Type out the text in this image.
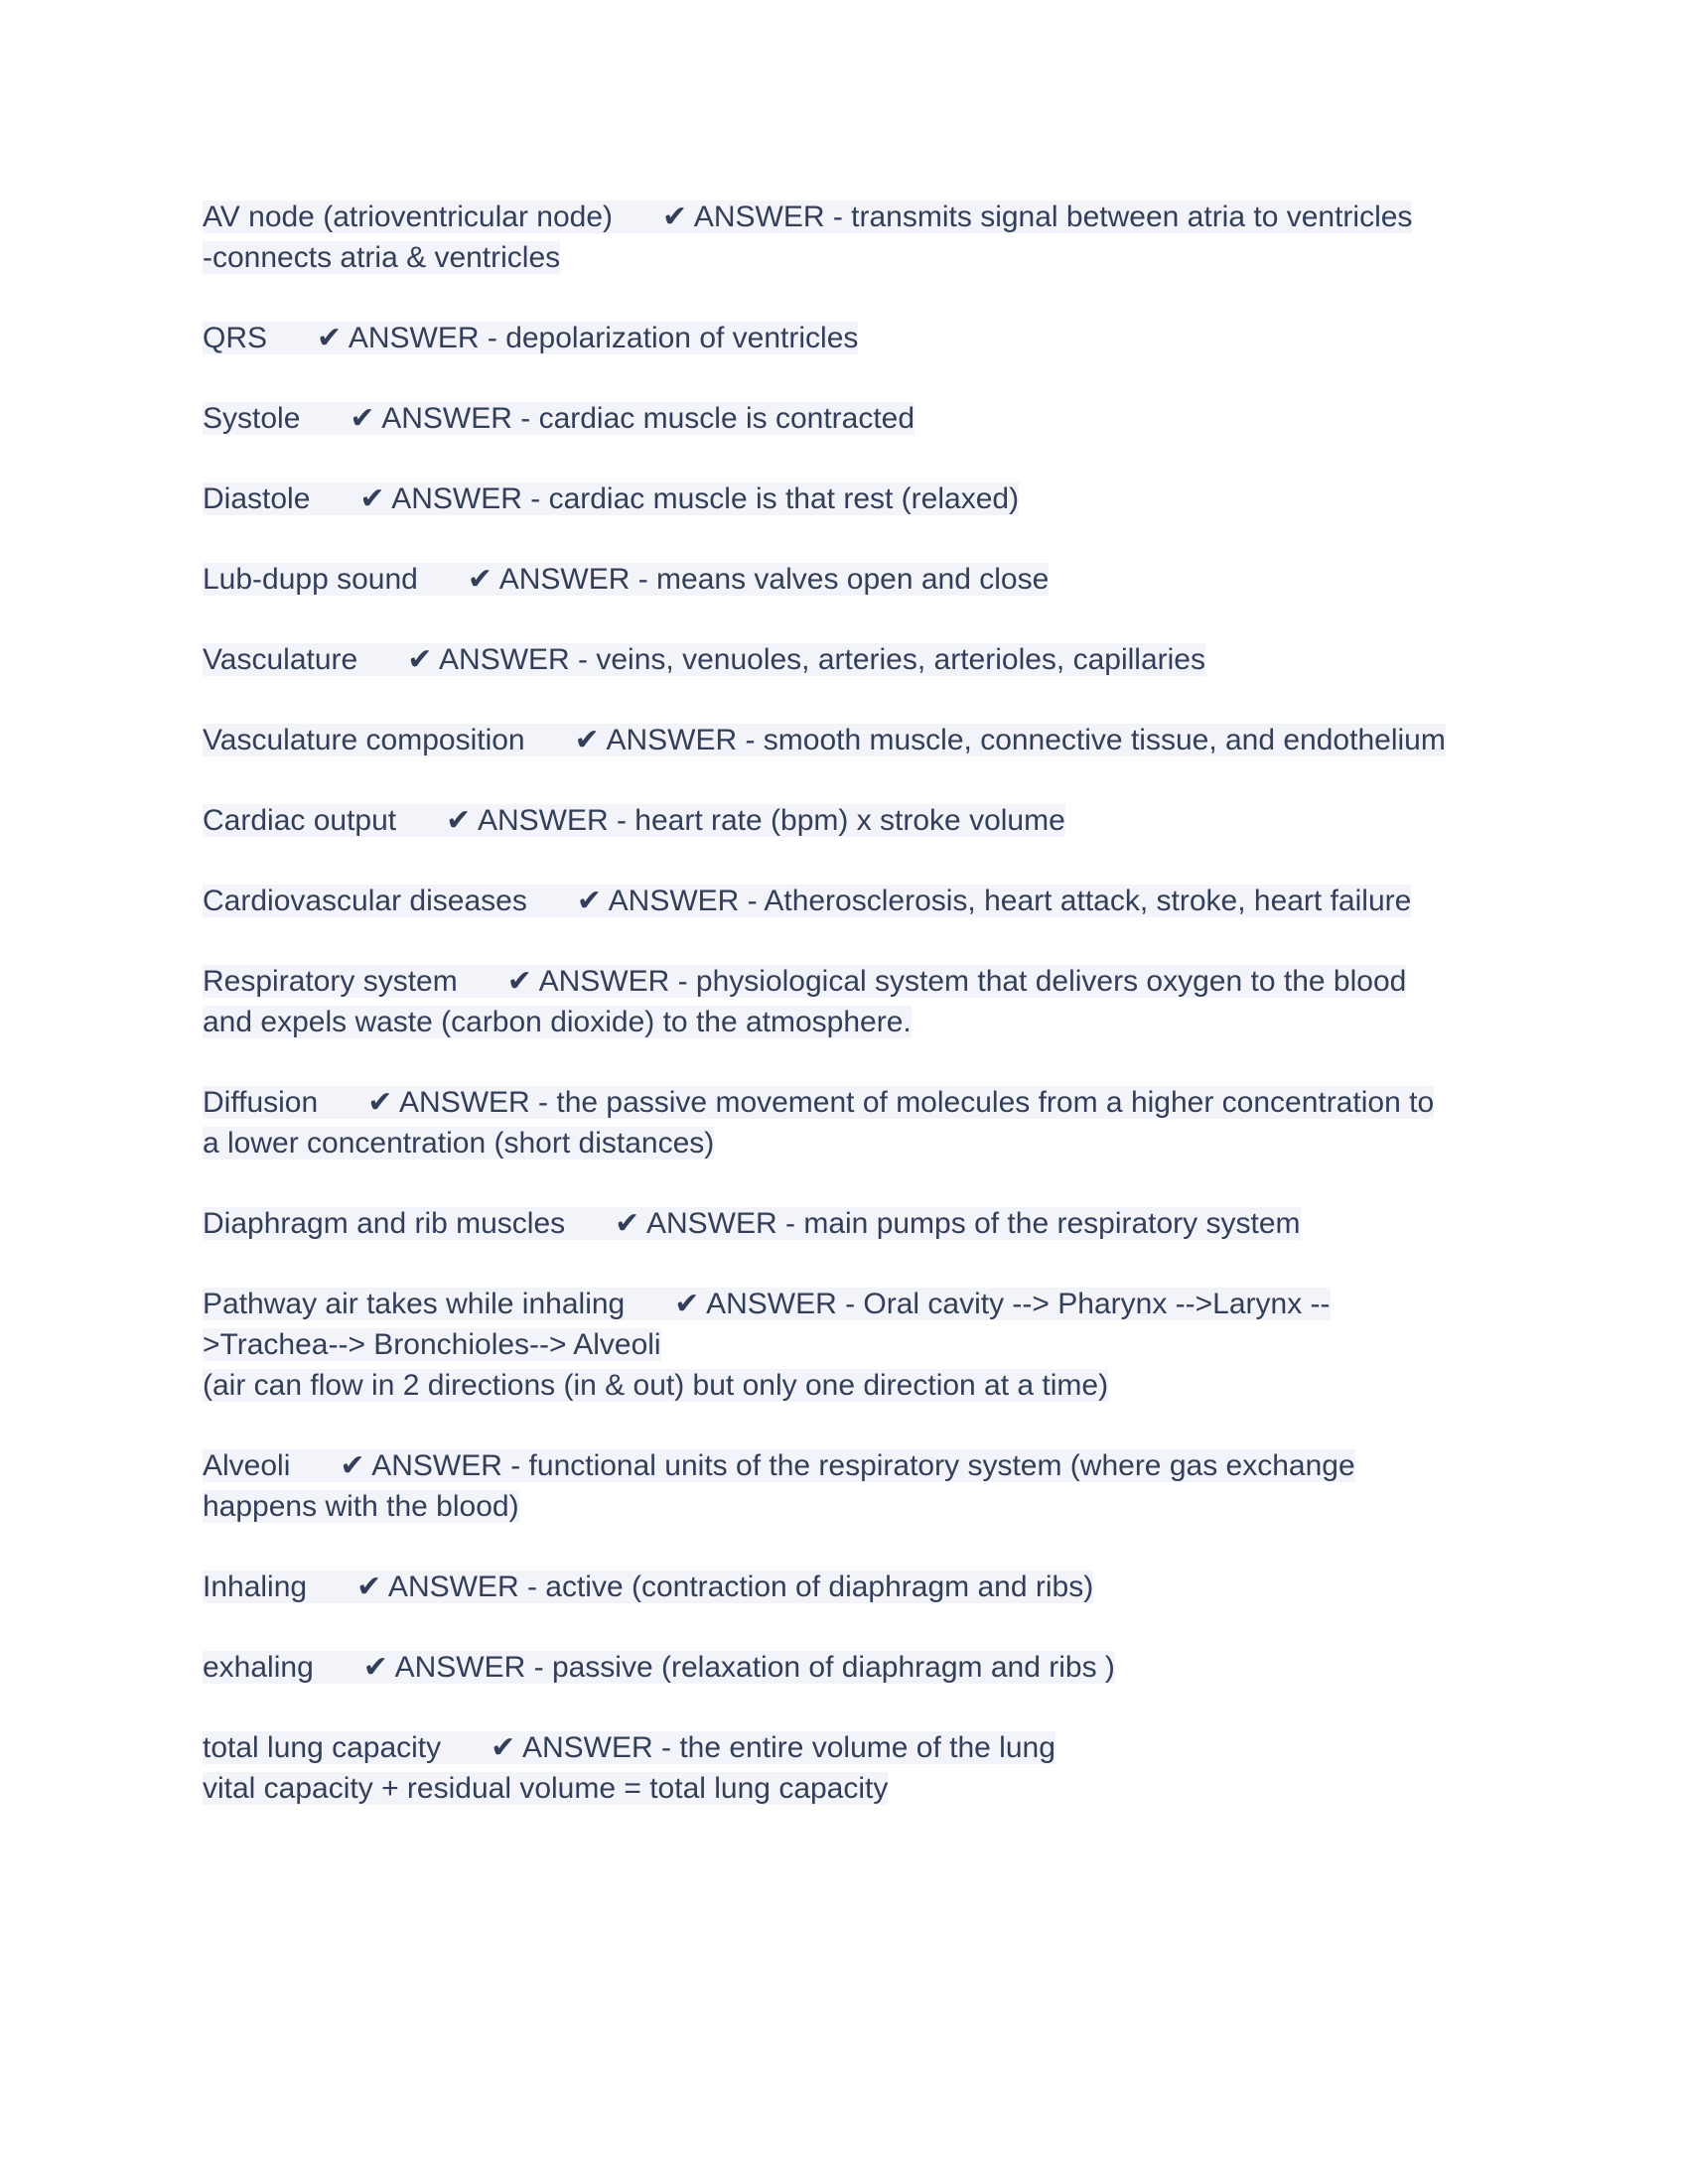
AV node (atrioventricular node) ✔ ANSWER - transmits signal between atria to ventricles
-connects atria & ventricles

QRS ✔ ANSWER - depolarization of ventricles

Systole ✔ ANSWER - cardiac muscle is contracted

Diastole ✔ ANSWER - cardiac muscle is that rest (relaxed)

Lub-dupp sound ✔ ANSWER - means valves open and close

Vasculature ✔ ANSWER - veins, venuoles, arteries, arterioles, capillaries

Vasculature composition ✔ ANSWER - smooth muscle, connective tissue, and endothelium

Cardiac output ✔ ANSWER - heart rate (bpm) x stroke volume

Cardiovascular diseases ✔ ANSWER - Atherosclerosis, heart attack, stroke, heart failure

Respiratory system ✔ ANSWER - physiological system that delivers oxygen to the blood and expels waste (carbon dioxide) to the atmosphere.

Diffusion ✔ ANSWER - the passive movement of molecules from a higher concentration to a lower concentration (short distances)

Diaphragm and rib muscles ✔ ANSWER - main pumps of the respiratory system

Pathway air takes while inhaling ✔ ANSWER - Oral cavity --> Pharynx -->Larynx -->Trachea--> Bronchioles--> Alveoli
(air can flow in 2 directions (in & out) but only one direction at a time)

Alveoli ✔ ANSWER - functional units of the respiratory system (where gas exchange happens with the blood)

Inhaling ✔ ANSWER - active (contraction of diaphragm and ribs)

exhaling ✔ ANSWER - passive (relaxation of diaphragm and ribs )

total lung capacity ✔ ANSWER - the entire volume of the lung
vital capacity + residual volume = total lung capacity
